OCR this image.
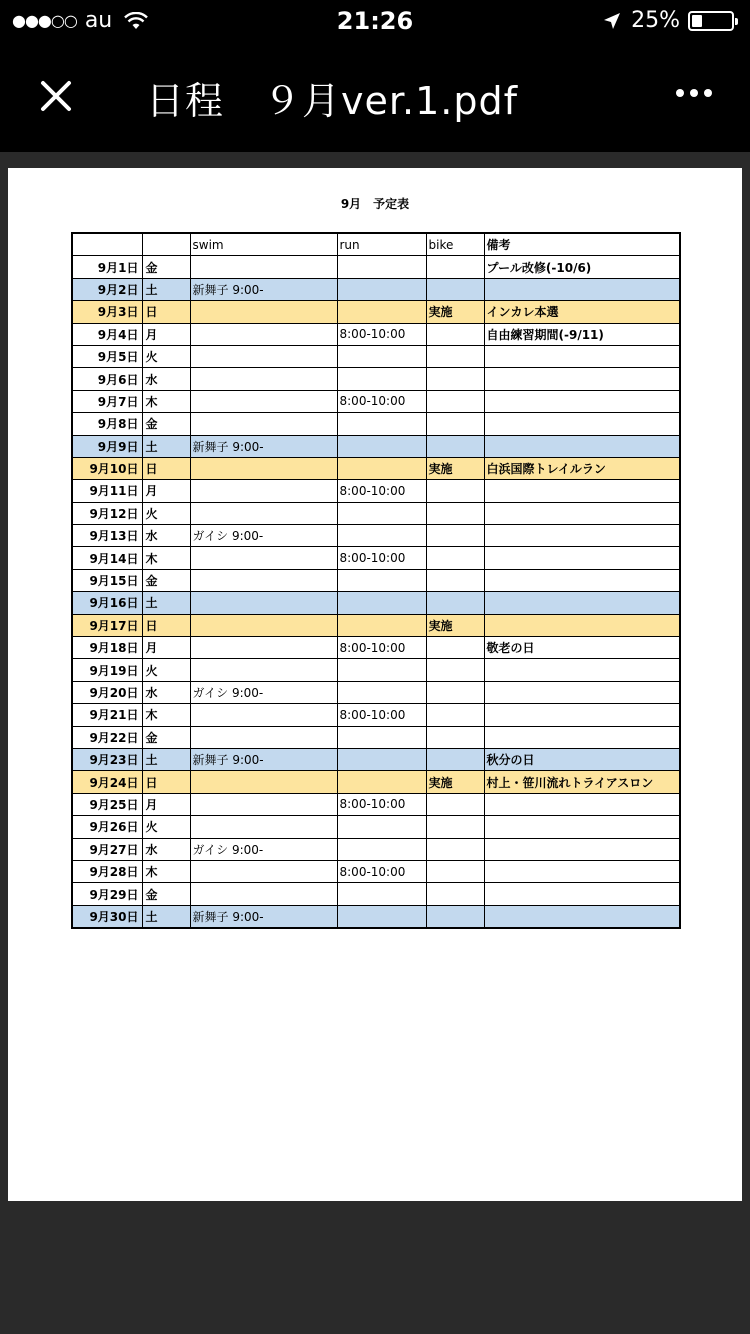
●●●○○ au	21:26	25%
日程　９月ver.1.pdf
9月　予定表
		swim	run	bike	備考
9月1日	金				プール改修(-10/6)
9月2日	土	新舞子 9:00-			
9月3日	日			実施	インカレ本選
9月4日	月		8:00-10:00		自由練習期間(-9/11)
9月5日	火				
9月6日	水				
9月7日	木		8:00-10:00		
9月8日	金				
9月9日	土	新舞子 9:00-			
9月10日	日			実施	白浜国際トレイルラン
9月11日	月		8:00-10:00		
9月12日	火				
9月13日	水	ガイシ 9:00-			
9月14日	木		8:00-10:00		
9月15日	金				
9月16日	土				
9月17日	日			実施	
9月18日	月		8:00-10:00		敬老の日
9月19日	火				
9月20日	水	ガイシ 9:00-			
9月21日	木		8:00-10:00		
9月22日	金				
9月23日	土	新舞子 9:00-			秋分の日
9月24日	日			実施	村上・笹川流れトライアスロン
9月25日	月		8:00-10:00		
9月26日	火				
9月27日	水	ガイシ 9:00-			
9月28日	木		8:00-10:00		
9月29日	金				
9月30日	土	新舞子 9:00-			
